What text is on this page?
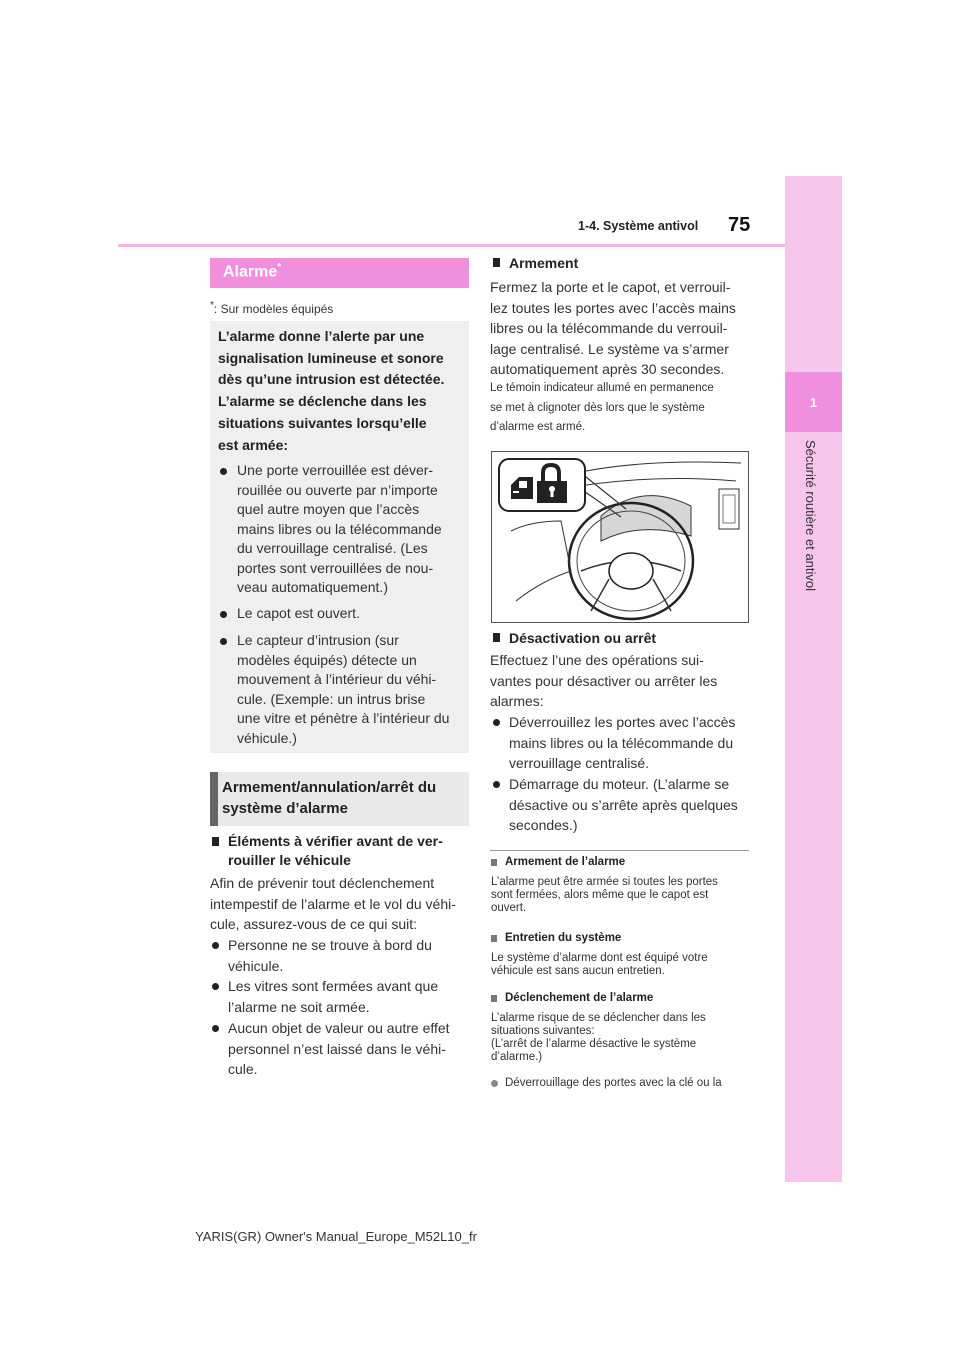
1-4. Système antivol 75
1
Sécurité routière et antivol
Alarme*
*: Sur modèles équipés
L’alarme donne l’alerte par une
signalisation lumineuse et sonore
dès qu’une intrusion est détectée.
L’alarme se déclenche dans les
situations suivantes lorsqu’elle
est armée:
Une porte verrouillée est déver-
rouillée ou ouverte par n’importe
quel autre moyen que l’accès
mains libres ou la télécommande
du verrouillage centralisé. (Les
portes sont verrouillées de nou-
veau automatiquement.)
Le capot est ouvert.
Le capteur d’intrusion (sur
modèles équipés) détecte un
mouvement à l’intérieur du véhi-
cule. (Exemple: un intrus brise
une vitre et pénètre à l’intérieur du
véhicule.)
Armement/annulation/arrêt du
système d’alarme
Éléments à vérifier avant de ver-
rouiller le véhicule
Afin de prévenir tout déclenchement
intempestif de l’alarme et le vol du véhi-
cule, assurez-vous de ce qui suit:
Personne ne se trouve à bord du
véhicule.
Les vitres sont fermées avant que
l’alarme ne soit armée.
Aucun objet de valeur ou autre effet
personnel n’est laissé dans le véhi-
cule.
Armement
Fermez la porte et le capot, et verrouil-
lez toutes les portes avec l’accès mains
libres ou la télécommande du verrouil-
lage centralisé. Le système va s’armer
automatiquement après 30 secondes.
Le témoin indicateur allumé en permanence
se met à clignoter dès lors que le système
d’alarme est armé.
Désactivation ou arrêt
Effectuez l’une des opérations sui-
vantes pour désactiver ou arrêter les
alarmes:
Déverrouillez les portes avec l’accès
mains libres ou la télécommande du
verrouillage centralisé.
Démarrage du moteur. (L’alarme se
désactive ou s’arrête après quelques
secondes.)
Armement de l’alarme
L’alarme peut être armée si toutes les portes
sont fermées, alors même que le capot est
ouvert.
Entretien du système
Le système d’alarme dont est équipé votre
véhicule est sans aucun entretien.
Déclenchement de l’alarme
L’alarme risque de se déclencher dans les
situations suivantes:
(L’arrêt de l’alarme désactive le système
d’alarme.)
Déverrouillage des portes avec la clé ou la
YARIS(GR) Owner's Manual_Europe_M52L10_fr
